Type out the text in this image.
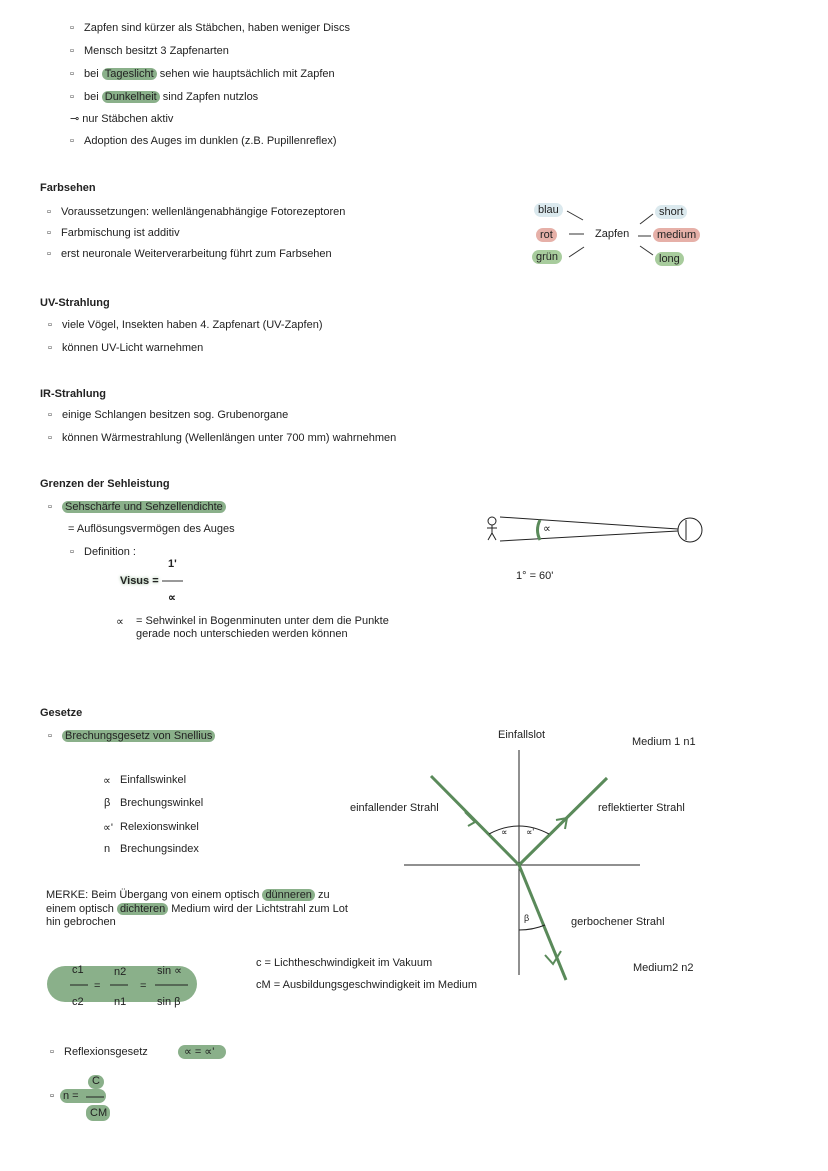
▫ Zapfen sind kürzer als Stäbchen, haben weniger Discs
▫ Mensch besitzt 3 Zapfenarten
▫ bei Tageslicht sehen wie hauptsächlich mit Zapfen
▫ bei Dunkelheit sind Zapfen nutzlos
⊸ nur Stäbchen aktiv
▫ Adoption des Auges im dunklen (z.B. Pupillenreflex)
Farbsehen
▫ Voraussetzungen: wellenlängenabhängige Fotorezeptoren
▫ Farbmischung ist additiv
▫ erst neuronale Weiterverarbeitung führt zum Farbsehen
blau
rot
grün
Zapfen
short
medium
long
UV-Strahlung
▫ viele Vögel, Insekten haben 4. Zapfenart (UV-Zapfen)
▫ können UV-Licht warnehmen
IR-Strahlung
▫ einige Schlangen besitzen sog. Grubenorgane
▫ können Wärmestrahlung (Wellenlängen unter 700 mm) wahrnehmen
Grenzen der Sehleistung
▫ Sehschärfe und Sehzellendichte
= Auflösungsvermögen des Auges
▫ Definition :
Visus =
1'
∝
∝ = Sehwinkel in Bogenminuten unter dem die Punkte
gerade noch unterschieden werden können
∝
1° = 60'
Gesetze
▫ Brechungsgesetz von Snellius
∝ Einfallswinkel
β Brechungswinkel
∝' Relexionswinkel
n Brechungsindex
MERKE: Beim Übergang von einem optisch dünneren zu
einem optisch dichteren Medium wird der Lichtstrahl zum Lot
hin gebrochen
c1
c2
=
n2
n1
=
sin ∝
sin β
c = Lichtheschwindigkeit im Vakuum
cM = Ausbildungsgeschwindigkeit im Medium
▫ Reflexionsgesetz	∝ = ∝'
▫ n =
C
CM
Einfallslot
Medium 1 n1
einfallender Strahl	reflektierter Strahl
gerbochener Strahl
Medium2 n2
∝ ∝'
β
